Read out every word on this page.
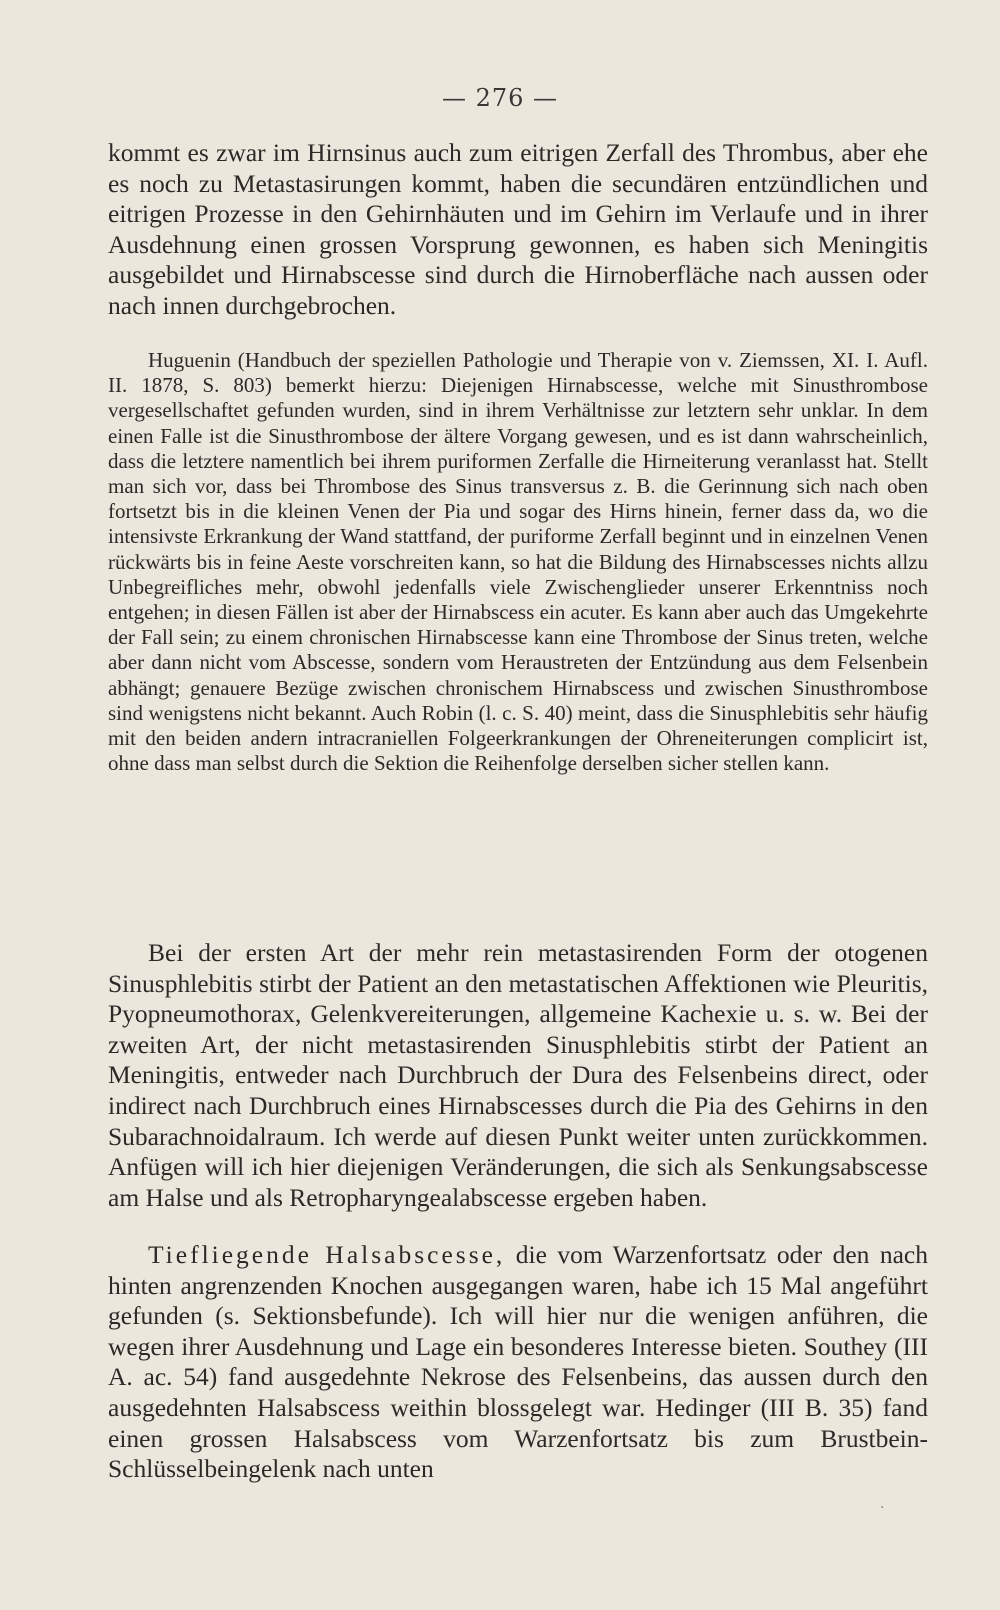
— 276 —

kommt es zwar im Hirnsinus auch zum eitrigen Zerfall des Thrombus, aber ehe es noch zu Metastasirungen kommt, haben die secundären entzündlichen und eitrigen Prozesse in den Gehirnhäuten und im Gehirn im Verlaufe und in ihrer Ausdehnung einen grossen Vorsprung gewonnen, es haben sich Meningitis ausgebildet und Hirnabscesse sind durch die Hirnoberfläche nach aussen oder nach innen durchgebrochen.

Huguenin (Handbuch der speziellen Pathologie und Therapie von v. Ziemssen, XI. I. Aufl. II. 1878, S. 803) bemerkt hierzu: Diejenigen Hirnabscesse, welche mit Sinusthrombose vergesellschaftet gefunden wurden, sind in ihrem Verhältnisse zur letztern sehr unklar. In dem einen Falle ist die Sinusthrombose der ältere Vorgang gewesen, und es ist dann wahrscheinlich, dass die letztere namentlich bei ihrem puriformen Zerfalle die Hirneiterung veranlasst hat. Stellt man sich vor, dass bei Thrombose des Sinus transversus z. B. die Gerinnung sich nach oben fortsetzt bis in die kleinen Venen der Pia und sogar des Hirns hinein, ferner dass da, wo die intensivste Erkrankung der Wand stattfand, der puriforme Zerfall beginnt und in einzelnen Venen rückwärts bis in feine Aeste vorschreiten kann, so hat die Bildung des Hirnabscesses nichts allzu Unbegreifliches mehr, obwohl jedenfalls viele Zwischenglieder unserer Erkenntniss noch entgehen; in diesen Fällen ist aber der Hirnabscess ein acuter. Es kann aber auch das Umgekehrte der Fall sein; zu einem chronischen Hirnabscesse kann eine Thrombose der Sinus treten, welche aber dann nicht vom Abscesse, sondern vom Heraustreten der Entzündung aus dem Felsenbein abhängt; genauere Bezüge zwischen chronischem Hirnabscess und zwischen Sinusthrombose sind wenigstens nicht bekannt. Auch Robin (l. c. S. 40) meint, dass die Sinusphlebitis sehr häufig mit den beiden andern intracraniellen Folgeerkrankungen der Ohreneiterungen complicirt ist, ohne dass man selbst durch die Sektion die Reihenfolge derselben sicher stellen kann.

Bei der ersten Art der mehr rein metastasirenden Form der otogenen Sinusphlebitis stirbt der Patient an den metastatischen Affektionen wie Pleuritis, Pyopneumothorax, Gelenkvereiterungen, allgemeine Kachexie u. s. w. Bei der zweiten Art, der nicht metastasirenden Sinusphlebitis stirbt der Patient an Meningitis, entweder nach Durchbruch der Dura des Felsenbeins direct, oder indirect nach Durchbruch eines Hirnabscesses durch die Pia des Gehirns in den Subarachnoidalraum. Ich werde auf diesen Punkt weiter unten zurückkommen. Anfügen will ich hier diejenigen Veränderungen, die sich als Senkungsabscesse am Halse und als Retropharyngealabscesse ergeben haben.

Tiefliegende Halsabscesse, die vom Warzenfortsatz oder den nach hinten angrenzenden Knochen ausgegangen waren, habe ich 15 Mal angeführt gefunden (s. Sektionsbefunde). Ich will hier nur die wenigen anführen, die wegen ihrer Ausdehnung und Lage ein besonderes Interesse bieten. Southey (III A. ac. 54) fand ausgedehnte Nekrose des Felsenbeins, das aussen durch den ausgedehnten Halsabscess weithin blossgelegt war. Hedinger (III B. 35) fand einen grossen Halsabscess vom Warzenfortsatz bis zum Brustbein-Schlüsselbeingelenk nach unten

·
